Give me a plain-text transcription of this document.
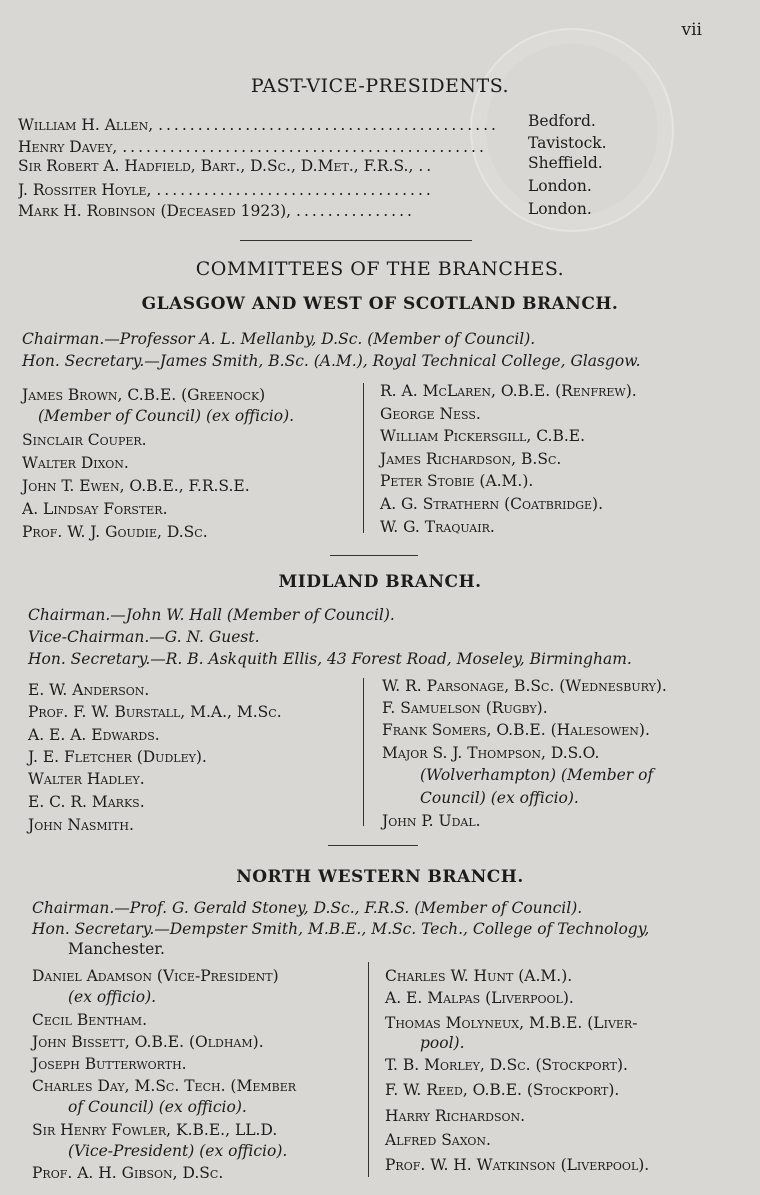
vii
PAST-VICE-PRESIDENTS.
William H. Allen, ...........................................	Bedford.
Henry Davey, ..............................................	Tavistock.
Sir Robert A. Hadfield, Bart., D.Sc., D.Met., F.R.S., ..	Sheffield.
J. Rossiter Hoyle, ...................................	London.
Mark H. Robinson (Deceased 1923), ...............	London.
COMMITTEES OF THE BRANCHES.
GLASGOW AND WEST OF SCOTLAND BRANCH.
Chairman.—Professor A. L. Mellanby, D.Sc. (Member of Council).
Hon. Secretary.—James Smith, B.Sc. (A.M.), Royal Technical College, Glasgow.
James Brown, C.B.E. (Greenock)
(Member of Council) (ex officio).
Sinclair Couper.
Walter Dixon.
John T. Ewen, O.B.E., F.R.S.E.
A. Lindsay Forster.
Prof. W. J. Goudie, D.Sc.
R. A. McLaren, O.B.E. (Renfrew).
George Ness.
William Pickersgill, C.B.E.
James Richardson, B.Sc.
Peter Stobie (A.M.).
A. G. Strathern (Coatbridge).
W. G. Traquair.
MIDLAND BRANCH.
Chairman.—John W. Hall (Member of Council).
Vice-Chairman.—G. N. Guest.
Hon. Secretary.—R. B. Askquith Ellis, 43 Forest Road, Moseley, Birmingham.
E. W. Anderson.
Prof. F. W. Burstall, M.A., M.Sc.
A. E. A. Edwards.
J. E. Fletcher (Dudley).
Walter Hadley.
E. C. R. Marks.
John Nasmith.
W. R. Parsonage, B.Sc. (Wednesbury).
F. Samuelson (Rugby).
Frank Somers, O.B.E. (Halesowen).
Major S. J. Thompson, D.S.O.
(Wolverhampton) (Member of
Council) (ex officio).
John P. Udal.
NORTH WESTERN BRANCH.
Chairman.—Prof. G. Gerald Stoney, D.Sc., F.R.S. (Member of Council).
Hon. Secretary.—Dempster Smith, M.B.E., M.Sc. Tech., College of Technology,
Manchester.
Daniel Adamson (Vice-President)
(ex officio).
Cecil Bentham.
John Bissett, O.B.E. (Oldham).
Joseph Butterworth.
Charles Day, M.Sc. Tech. (Member
of Council) (ex officio).
Sir Henry Fowler, K.B.E., LL.D.
(Vice-President) (ex officio).
Prof. A. H. Gibson, D.Sc.
Charles W. Hunt (A.M.).
A. E. Malpas (Liverpool).
Thomas Molyneux, M.B.E. (Liver-
pool).
T. B. Morley, D.Sc. (Stockport).
F. W. Reed, O.B.E. (Stockport).
Harry Richardson.
Alfred Saxon.
Prof. W. H. Watkinson (Liverpool).
